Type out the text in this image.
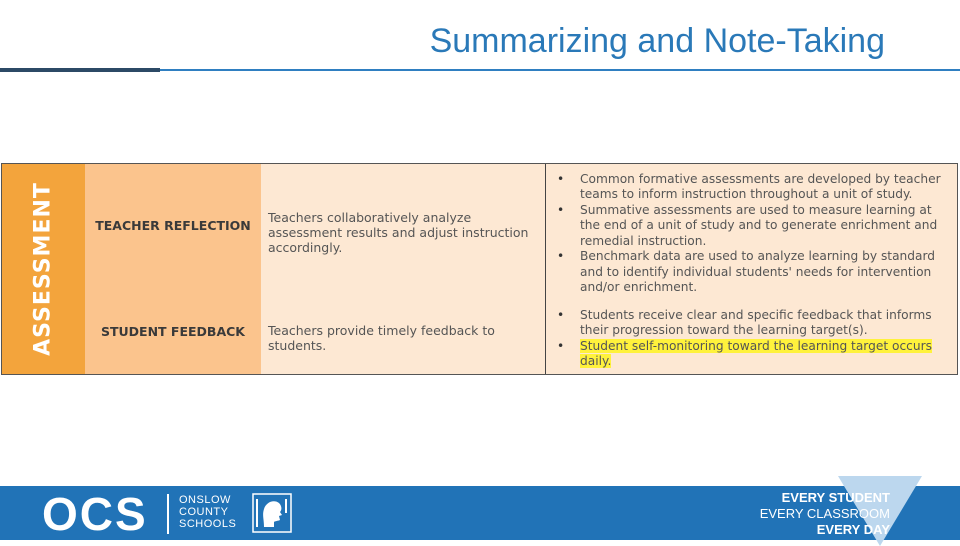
Summarizing and Note-Taking
ASSESSMENT	TEACHER REFLECTION
STUDENT FEEDBACK
Teachers collaboratively analyze assessment results and adjust instruction accordingly.
Teachers provide timely feedback to students.
• Common formative assessments are developed by teacher teams to inform instruction throughout a unit of study.
• Summative assessments are used to measure learning at the end of a unit of study and to generate enrichment and remedial instruction.
• Benchmark data are used to analyze learning by standard and to identify individual students' needs for intervention and/or enrichment.
• Students receive clear and specific feedback that informs their progression toward the learning target(s).
• Student self-monitoring toward the learning target occurs daily.
OCS	ONSLOW COUNTY SCHOOLS
EVERY STUDENT
EVERY CLASSROOM
EVERY DAY
